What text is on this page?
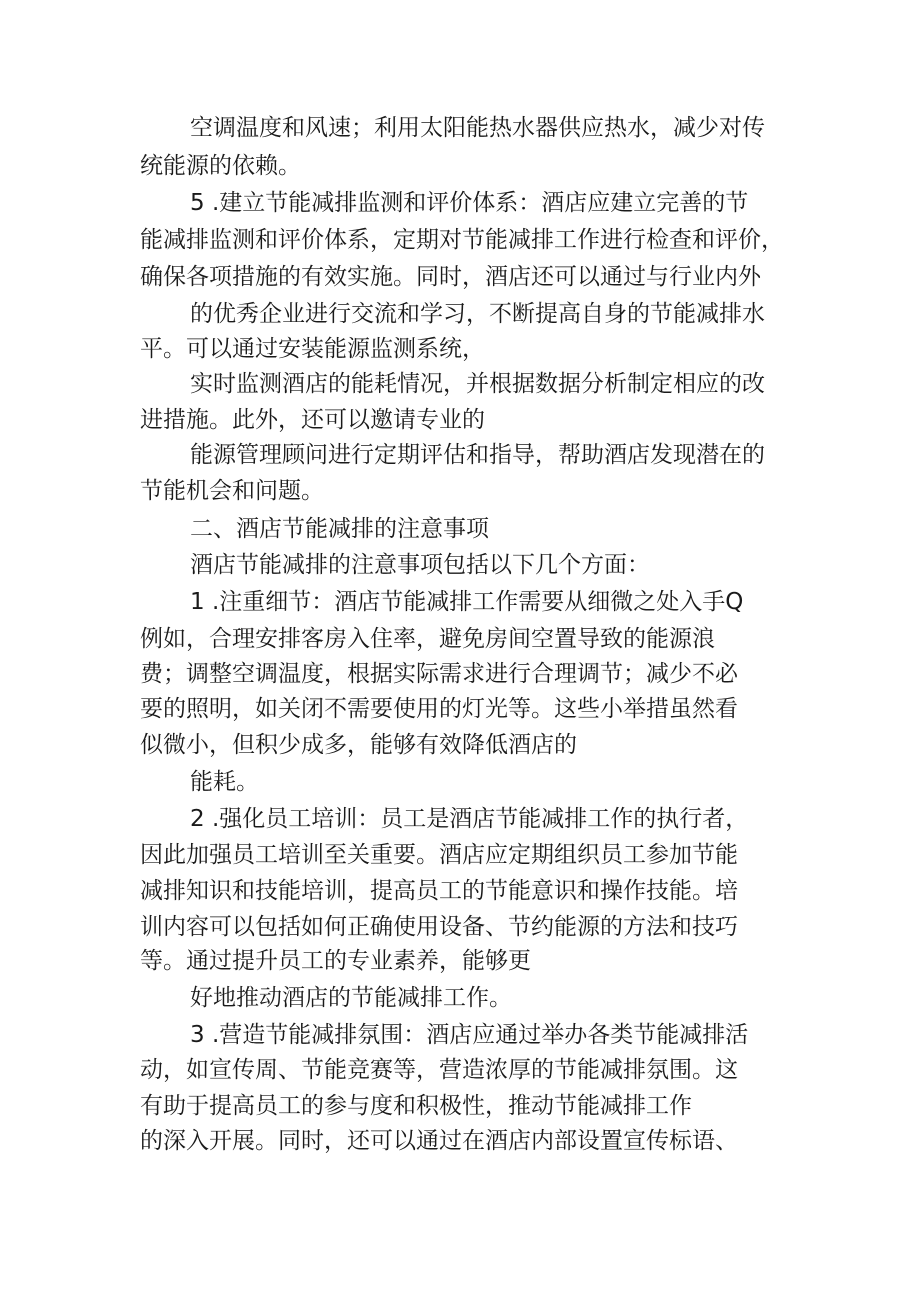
空调温度和风速；利用太阳能热水器供应热水，减少对传
统能源的依赖。
5 .建立节能减排监测和评价体系：酒店应建立完善的节
能减排监测和评价体系，定期对节能减排工作进行检查和评价，
确保各项措施的有效实施。同时，酒店还可以通过与行业内外
的优秀企业进行交流和学习，不断提高自身的节能减排水
平。可以通过安装能源监测系统，
实时监测酒店的能耗情况，并根据数据分析制定相应的改
进措施。此外，还可以邀请专业的
能源管理顾问进行定期评估和指导，帮助酒店发现潜在的
节能机会和问题。
二、酒店节能减排的注意事项
酒店节能减排的注意事项包括以下几个方面：
1 .注重细节：酒店节能减排工作需要从细微之处入手Q
例如，合理安排客房入住率，避免房间空置导致的能源浪
费；调整空调温度，根据实际需求进行合理调节；减少不必
要的照明，如关闭不需要使用的灯光等。这些小举措虽然看
似微小，但积少成多，能够有效降低酒店的
能耗。
2 .强化员工培训：员工是酒店节能减排工作的执行者，
因此加强员工培训至关重要。酒店应定期组织员工参加节能
减排知识和技能培训，提高员工的节能意识和操作技能。培
训内容可以包括如何正确使用设备、节约能源的方法和技巧
等。通过提升员工的专业素养，能够更
好地推动酒店的节能减排工作。
3 .营造节能减排氛围：酒店应通过举办各类节能减排活
动，如宣传周、节能竞赛等，营造浓厚的节能减排氛围。这
有助于提高员工的参与度和积极性，推动节能减排工作
的深入开展。同时，还可以通过在酒店内部设置宣传标语、
